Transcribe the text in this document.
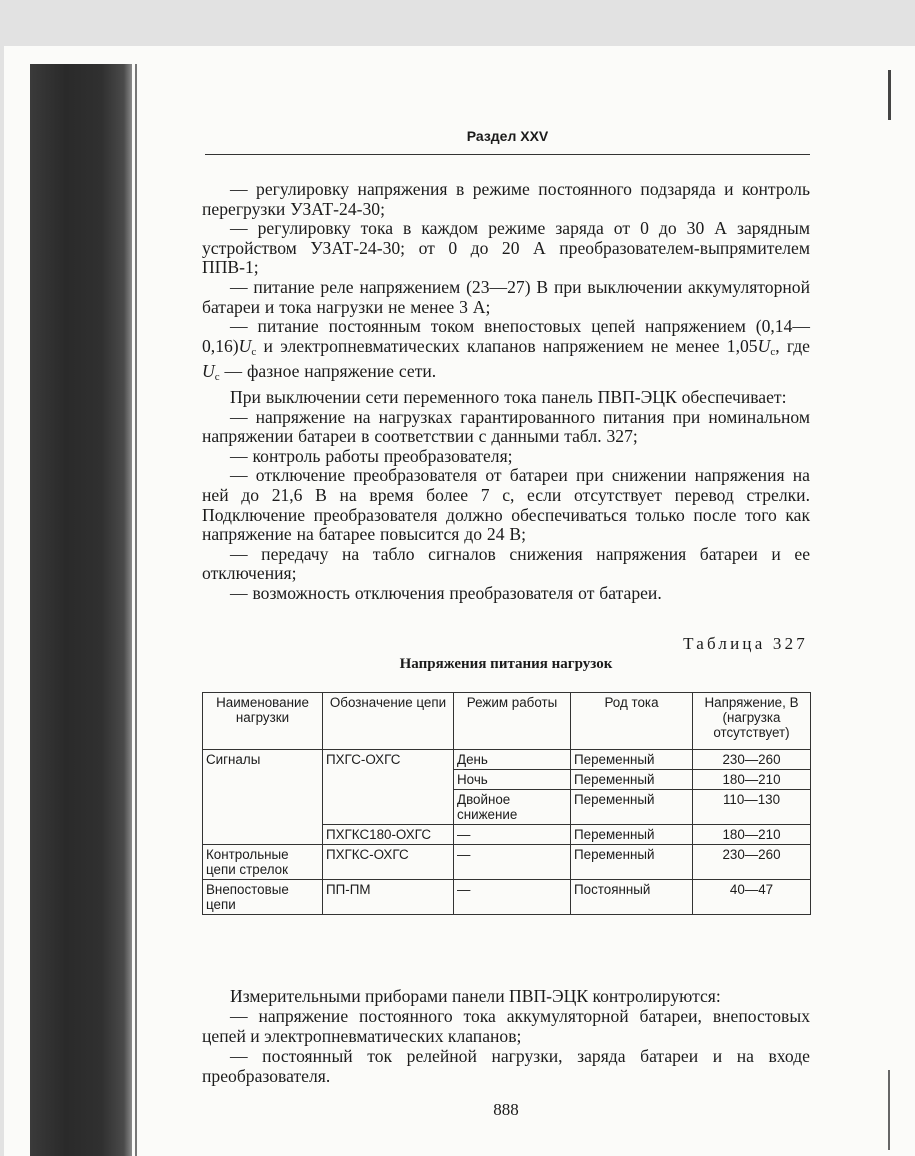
Раздел XXV

— регулировку напряжения в режиме постоянного подзаряда и контроль перегрузки УЗАТ-24-30;

— регулировку тока в каждом режиме заряда от 0 до 30 А зарядным устройством УЗАТ-24-30; от 0 до 20 А преобразователем-выпрямителем ППВ-1;

— питание реле напряжением (23—27) В при выключении аккумуляторной батареи и тока нагрузки не менее 3 А;

— питание постоянным током внепостовых цепей напряжением $(0,14—0,16)U_c$ и электропневматических клапанов напряжением не менее $1,05U_c$, где $U_c$ — фазное напряжение сети.

При выключении сети переменного тока панель ПВП-ЭЦК обеспечивает:

— напряжение на нагрузках гарантированного питания при номинальном напряжении батареи в соответствии с данными табл. 327;

— контроль работы преобразователя;

— отключение преобразователя от батареи при снижении напряжения на ней до 21,6 В на время более 7 с, если отсутствует перевод стрелки. Подключение преобразователя должно обеспечиваться только после того как напряжение на батарее повысится до 24 В;

— передачу на табло сигналов снижения напряжения батареи и ее отключения;

— возможность отключения преобразователя от батареи.

Таблица 327
Напряжения питания нагрузок
Наименование нагрузки	Обозначение цепи	Режим работы	Род тока	Напряжение, В (нагрузка отсутствует)
Сигналы	ПХГС-ОХГС	День	Переменный	230—260
		Ночь	Переменный	180—210
		Двойное снижение	Переменный	110—130
	ПХГКС180-ОХГС	—	Переменный	180—210
Контрольные цепи стрелок	ПХГКС-ОХГС	—	Переменный	230—260
Внепостовые цепи	ПП-ПМ	—	Постоянный	40—47

Измерительными приборами панели ПВП-ЭЦК контролируются:

— напряжение постоянного тока аккумуляторной батареи, внепостовых цепей и электропневматических клапанов;

— постоянный ток релейной нагрузки, заряда батареи и на входе преобразователя.

888
